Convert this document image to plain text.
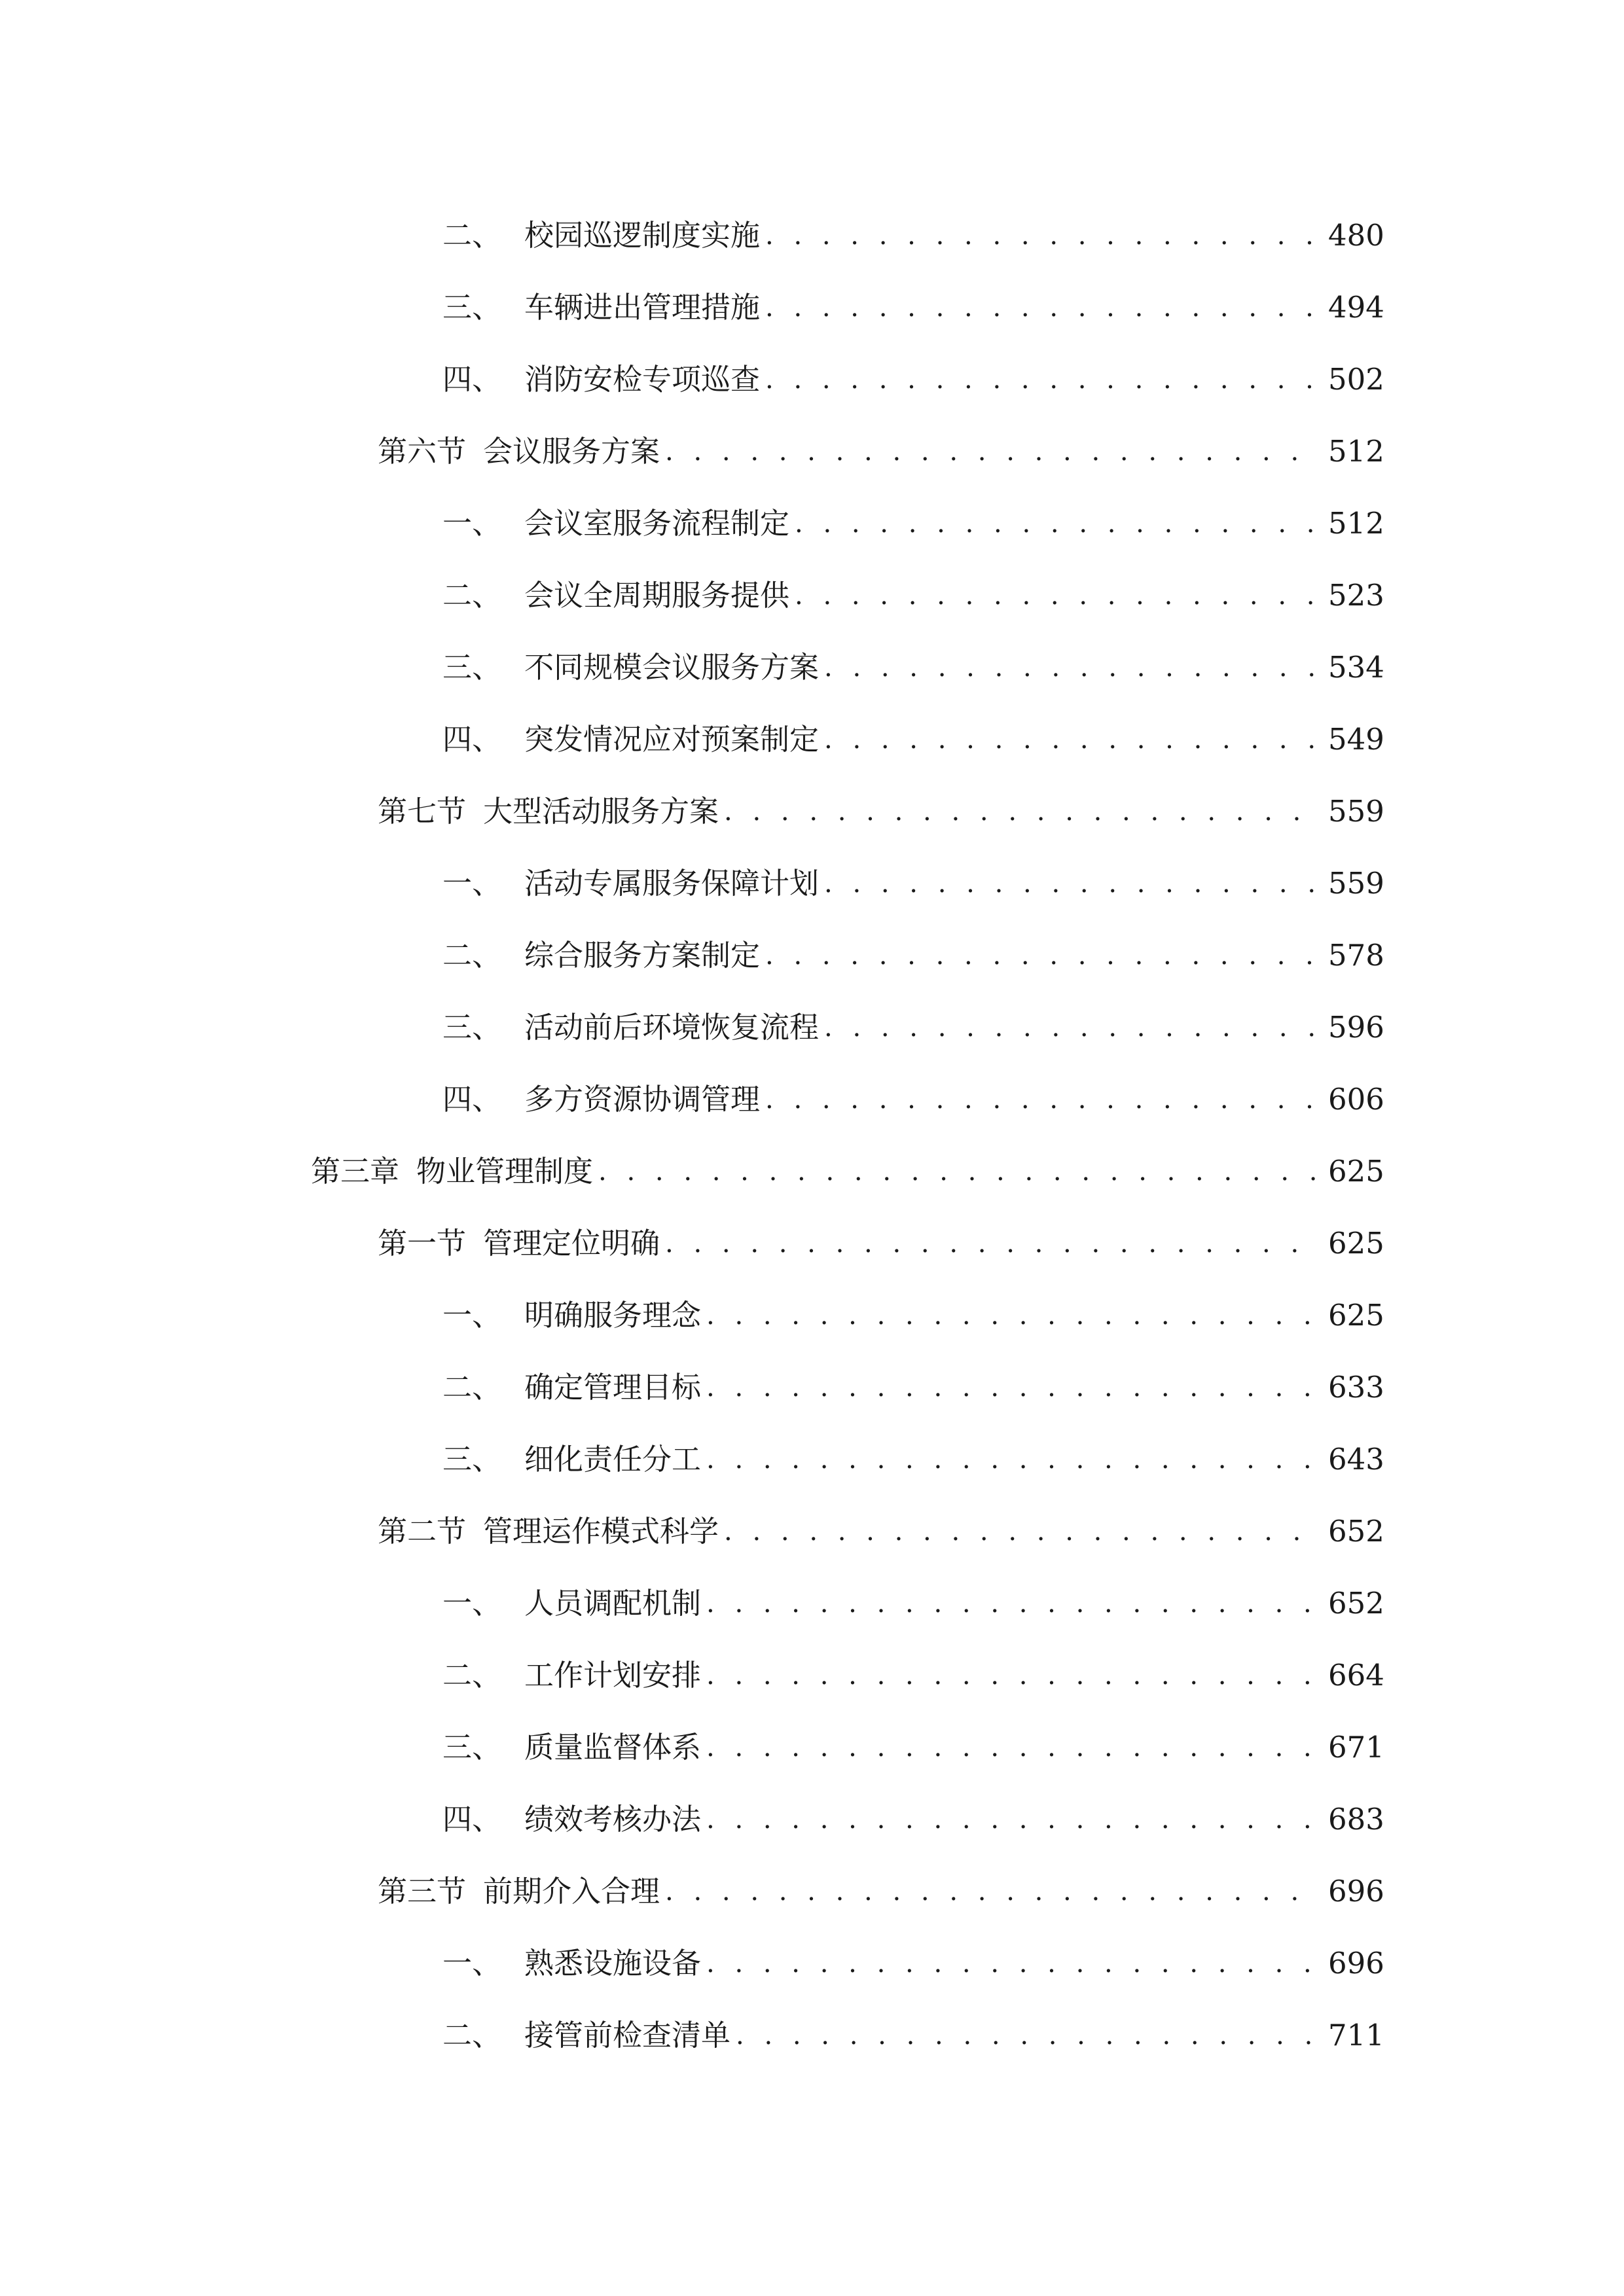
二、 校园巡逻制度实施 . . .	480
三、 车辆进出管理措施 . . .	494
四、 消防安检专项巡查 . . .	502
第六节 会议服务方案 . . .	512
一、 会议室服务流程制定 . . .	512
二、 会议全周期服务提供 . . .	523
三、 不同规模会议服务方案 . . .	534
四、 突发情况应对预案制定 . . .	549
第七节 大型活动服务方案 . . .	559
一、 活动专属服务保障计划 . . .	559
二、 综合服务方案制定 . . .	578
三、 活动前后环境恢复流程 . . .	596
四、 多方资源协调管理 . . .	606
第三章 物业管理制度 . . .	625
第一节 管理定位明确 . . .	625
一、 明确服务理念 . . .	625
二、 确定管理目标 . . .	633
三、 细化责任分工 . . .	643
第二节 管理运作模式科学 . . .	652
一、 人员调配机制 . . .	652
二、 工作计划安排 . . .	664
三、 质量监督体系 . . .	671
四、 绩效考核办法 . . .	683
第三节 前期介入合理 . . .	696
一、 熟悉设施设备 . . .	696
二、 接管前检查清单 . . .	711
